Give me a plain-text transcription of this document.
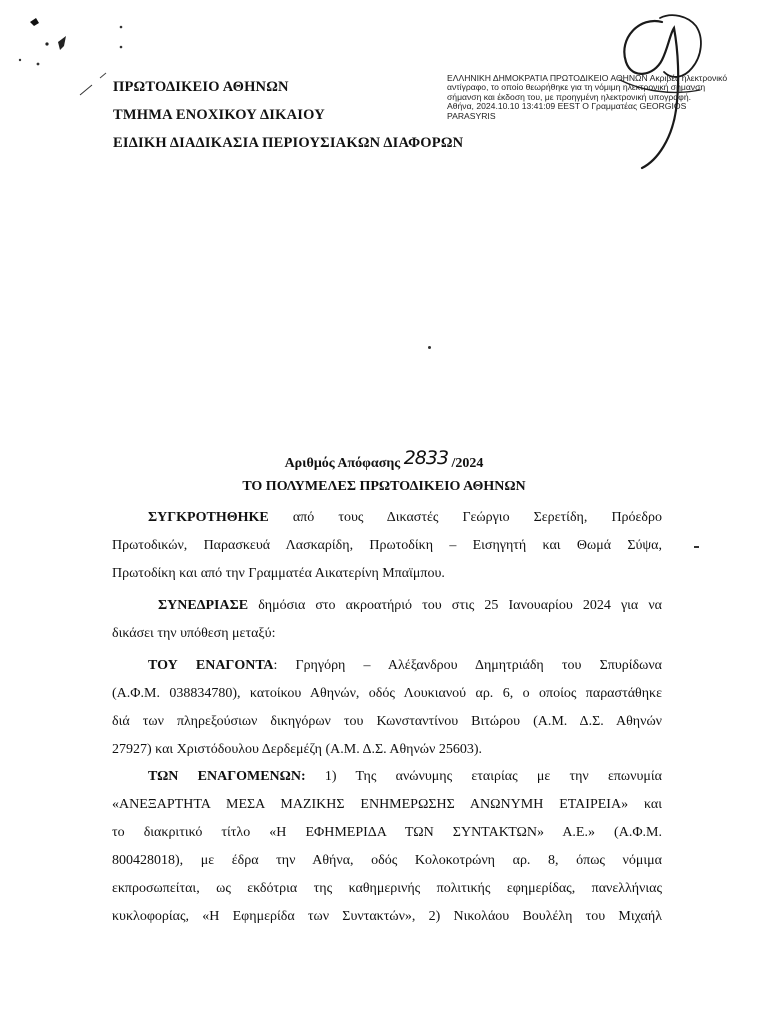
ΠΡΩΤΟΔΙΚΕΙΟ ΑΘΗΝΩΝ
ΤΜΗΜΑ ΕΝΟΧΙΚΟΥ ΔΙΚΑΙΟΥ
ΕΙΔΙΚΗ ΔΙΑΔΙΚΑΣΙΑ ΠΕΡΙΟΥΣΙΑΚΩΝ ΔΙΑΦΟΡΩΝ
ΕΛΛΗΝΙΚΗ ΔΗΜΟΚΡΑΤΙΑ ΠΡΩΤΟΔΙΚΕΙΟ ΑΘΗΝΩΝ Ακριβές ηλεκτρονικό
αντίγραφο, το οποίο θεωρήθηκε για τη νόμιμη ηλεκτρονική σήμανση
σήμανση και έκδοση του, με προηγμένη ηλεκτρονική υπογραφή.
Αθήνα, 2024.10.10 13:41:09 EEST Ο Γραμματέας GEORGIOS
PARASYRIS
Αριθμός Απόφασης 2833 /2024
ΤΟ ΠΟΛΥΜΕΛΕΣ ΠΡΩΤΟΔΙΚΕΙΟ ΑΘΗΝΩΝ
ΣΥΓΚΡΟΤΗΘΗΚΕ από τους Δικαστές Γεώργιο Σερετίδη, Πρόεδρο
Πρωτοδικών, Παρασκευά Λασκαρίδη, Πρωτοδίκη – Εισηγητή και Θωμά Σύψα,
Πρωτοδίκη και από την Γραμματέα Αικατερίνη Μπαϊμπου.
ΣΥΝΕΔΡΙΑΣΕ δημόσια στο ακροατήριό του στις 25 Ιανουαρίου 2024 για να
δικάσει την υπόθεση μεταξύ:
ΤΟΥ ΕΝΑΓΟΝΤΑ: Γρηγόρη – Αλέξανδρου Δημητριάδη του Σπυρίδωνα
(Α.Φ.Μ. 038834780), κατοίκου Αθηνών, οδός Λουκιανού αρ. 6, ο οποίος παραστάθηκε
διά των πληρεξούσιων δικηγόρων του Κωνσταντίνου Βιτώρου (Α.Μ. Δ.Σ. Αθηνών
27927) και Χριστόδουλου Δερδεμέζη (Α.Μ. Δ.Σ. Αθηνών 25603).
ΤΩΝ ΕΝΑΓΟΜΕΝΩΝ: 1) Της ανώνυμης εταιρίας με την επωνυμία
«ΑΝΕΞΑΡΤΗΤΑ ΜΕΣΑ ΜΑΖΙΚΗΣ ΕΝΗΜΕΡΩΣΗΣ ΑΝΩΝΥΜΗ ΕΤΑΙΡΕΙΑ» και
το διακριτικό τίτλο «Η ΕΦΗΜΕΡΙΔΑ ΤΩΝ ΣΥΝΤΑΚΤΩΝ» Α.Ε.» (Α.Φ.Μ.
800428018), με έδρα την Αθήνα, οδός Κολοκοτρώνη αρ. 8, όπως νόμιμα
εκπροσωπείται, ως εκδότρια της καθημερινής πολιτικής εφημερίδας, πανελλήνιας
κυκλοφορίας, «Η Εφημερίδα των Συντακτών», 2) Νικολάου Βουλέλη του Μιχαήλ
